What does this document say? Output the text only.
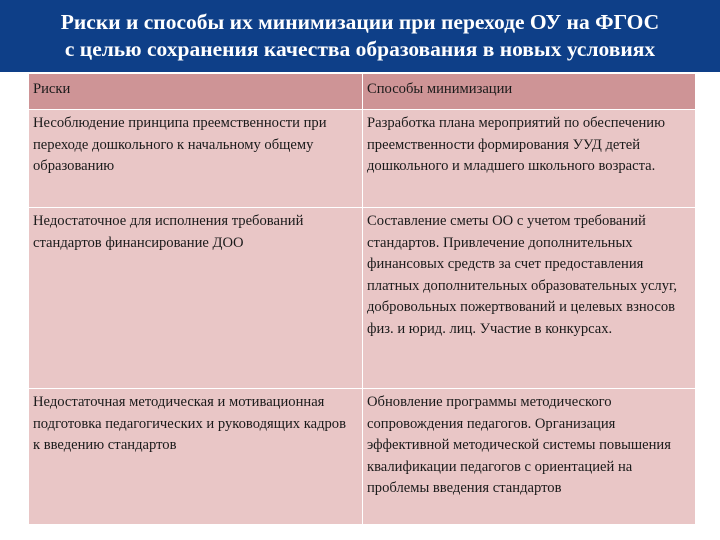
Риски и способы их минимизации при переходе ОУ на ФГОС
с целью сохранения качества образования в новых условиях
Риски	Способы минимизации
Несоблюдение принципа преемственности при переходе дошкольного к начальному общему образованию	Разработка плана мероприятий по обеспечению преемственности формирования УУД детей дошкольного и младшего школьного возраста.
Недостаточное для исполнения требований стандартов финансирование ДОО	Составление сметы ОО с учетом требований стандартов. Привлечение дополнительных финансовых средств за счет предоставления платных дополнительных образовательных услуг, добровольных пожертвований и целевых взносов физ. и юрид. лиц. Участие в конкурсах.
Недостаточная методическая и мотивационная подготовка педагогических и руководящих кадров к введению стандартов	Обновление программы методического сопровождения педагогов. Организация эффективной методической системы повышения квалификации педагогов с ориентацией на проблемы введения стандартов
